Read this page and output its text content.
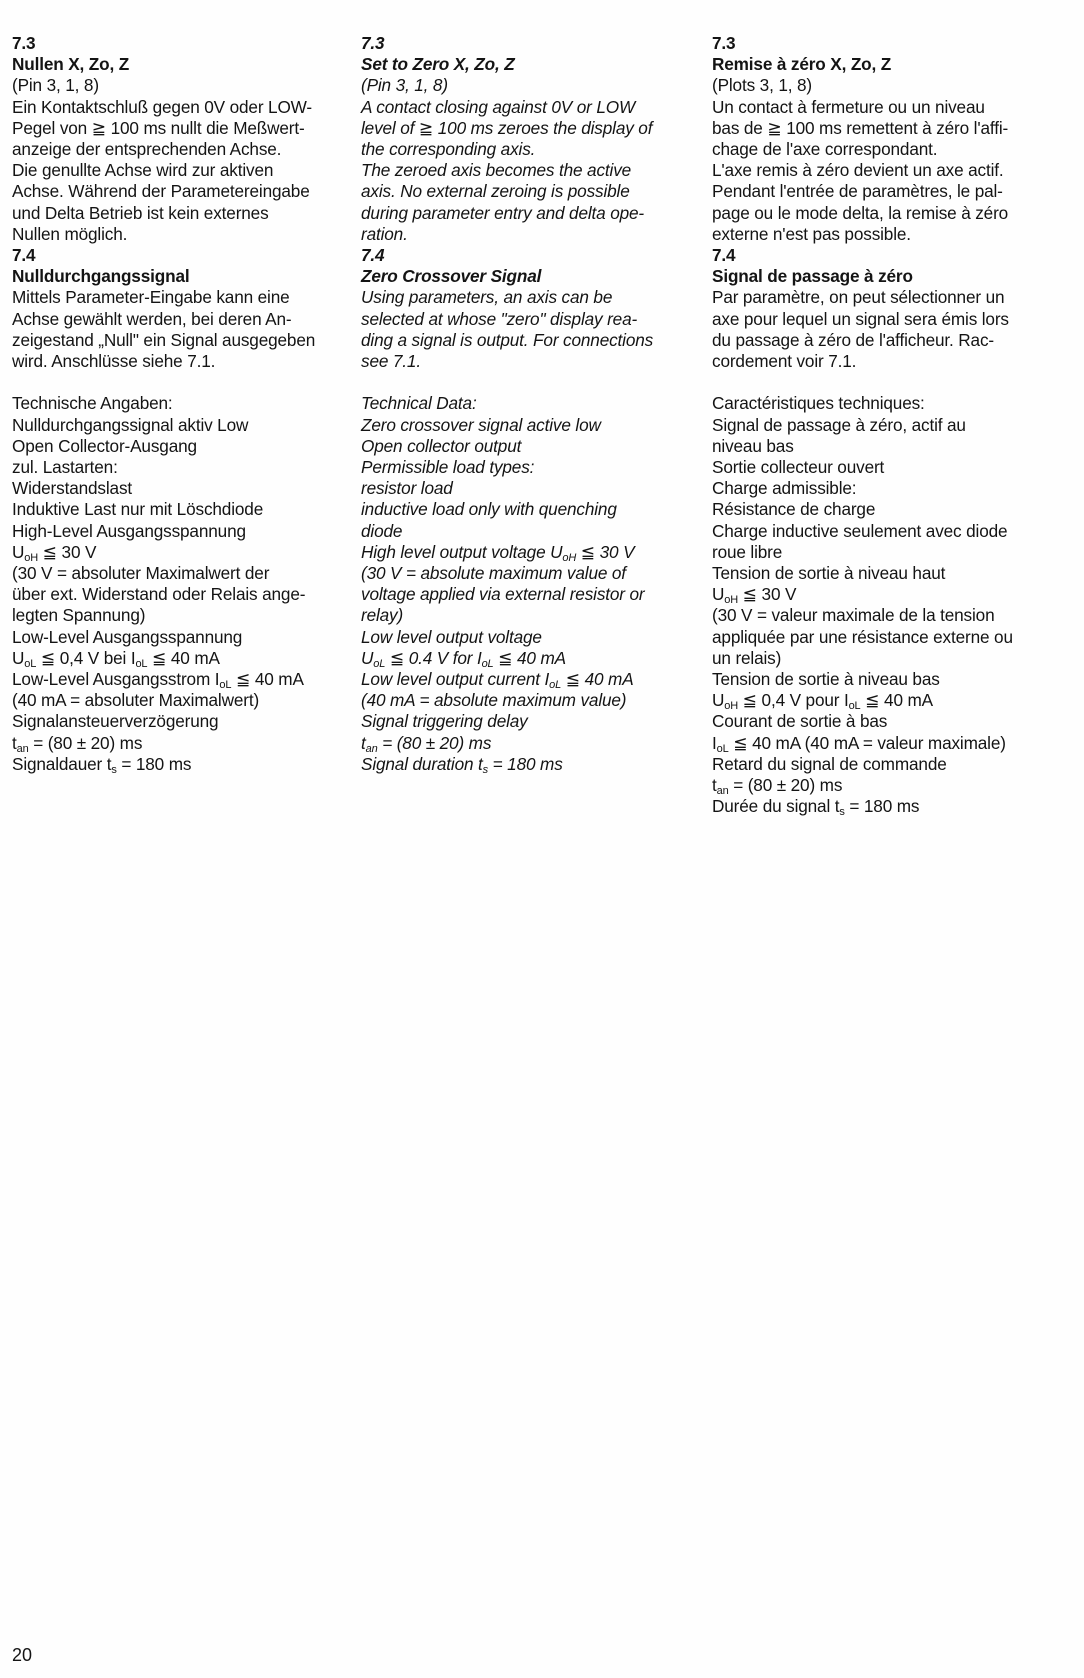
7.3
Nullen X, Zo, Z
(Pin 3, 1, 8)
Ein Kontaktschluß gegen 0V oder LOW-
Pegel von ≧ 100 ms nullt die Meßwert-
anzeige der entsprechenden Achse.
Die genullte Achse wird zur aktiven
Achse. Während der Parametereingabe
und Delta Betrieb ist kein externes
Nullen möglich.
7.4
Nulldurchgangssignal
Mittels Parameter-Eingabe kann eine
Achse gewählt werden, bei deren An-
zeigestand „Null" ein Signal ausgegeben
wird. Anschlüsse siehe 7.1.
Technische Angaben:
Nulldurchgangssignal aktiv Low
Open Collector-Ausgang
zul. Lastarten:
Widerstandslast
Induktive Last nur mit Löschdiode
High-Level Ausgangsspannung
$U_{oH}$ ≦ 30 V
(30 V = absoluter Maximalwert der
über ext. Widerstand oder Relais ange-
legten Spannung)
Low-Level Ausgangsspannung
$U_{oL}$ ≦ 0,4 V bei $I_{oL}$ ≦ 40 mA
Low-Level Ausgangsstrom $I_{oL}$ ≦ 40 mA
(40 mA = absoluter Maximalwert)
Signalansteuerverzögerung
$t_{an} = (80 \pm 20)$ ms
Signaldauer $t_s = 180$ ms
7.3
Set to Zero X, Zo, Z
(Pin 3, 1, 8)
A contact closing against 0V or LOW
level of ≧ 100 ms zeroes the display of
the corresponding axis.
The zeroed axis becomes the active
axis. No external zeroing is possible
during parameter entry and delta ope-
ration.
7.4
Zero Crossover Signal
Using parameters, an axis can be
selected at whose "zero" display rea-
ding a signal is output. For connections
see 7.1.
Technical Data:
Zero crossover signal active low
Open collector output
Permissible load types:
resistor load
inductive load only with quenching
diode
High level output voltage $U_{oH}$ ≦ 30 V
(30 V = absolute maximum value of
voltage applied via external resistor or
relay)
Low level output voltage
$U_{oL}$ ≦ 0.4 V for $I_{oL}$ ≦ 40 mA
Low level output current $I_{oL}$ ≦ 40 mA
(40 mA = absolute maximum value)
Signal triggering delay
$t_{an} = (80 \pm 20)$ ms
Signal duration $t_s = 180$ ms
7.3
Remise à zéro X, Zo, Z
(Plots 3, 1, 8)
Un contact à fermeture ou un niveau
bas de ≧ 100 ms remettent à zéro l'affi-
chage de l'axe correspondant.
L'axe remis à zéro devient un axe actif.
Pendant l'entrée de paramètres, le pal-
page ou le mode delta, la remise à zéro
externe n'est pas possible.
7.4
Signal de passage à zéro
Par paramètre, on peut sélectionner un
axe pour lequel un signal sera émis lors
du passage à zéro de l'afficheur. Rac-
cordement voir 7.1.
Caractéristiques techniques:
Signal de passage à zéro, actif au
niveau bas
Sortie collecteur ouvert
Charge admissible:
Résistance de charge
Charge inductive seulement avec diode
roue libre
Tension de sortie à niveau haut
$U_{oH}$ ≦ 30 V
(30 V = valeur maximale de la tension
appliquée par une résistance externe ou
un relais)
Tension de sortie à niveau bas
$U_{oH}$ ≦ 0,4 V pour $I_{oL}$ ≦ 40 mA
Courant de sortie à bas
$I_{oL}$ ≦ 40 mA (40 mA = valeur maximale)
Retard du signal de commande
$t_{an} = (80 \pm 20)$ ms
Durée du signal $t_s = 180$ ms
20
